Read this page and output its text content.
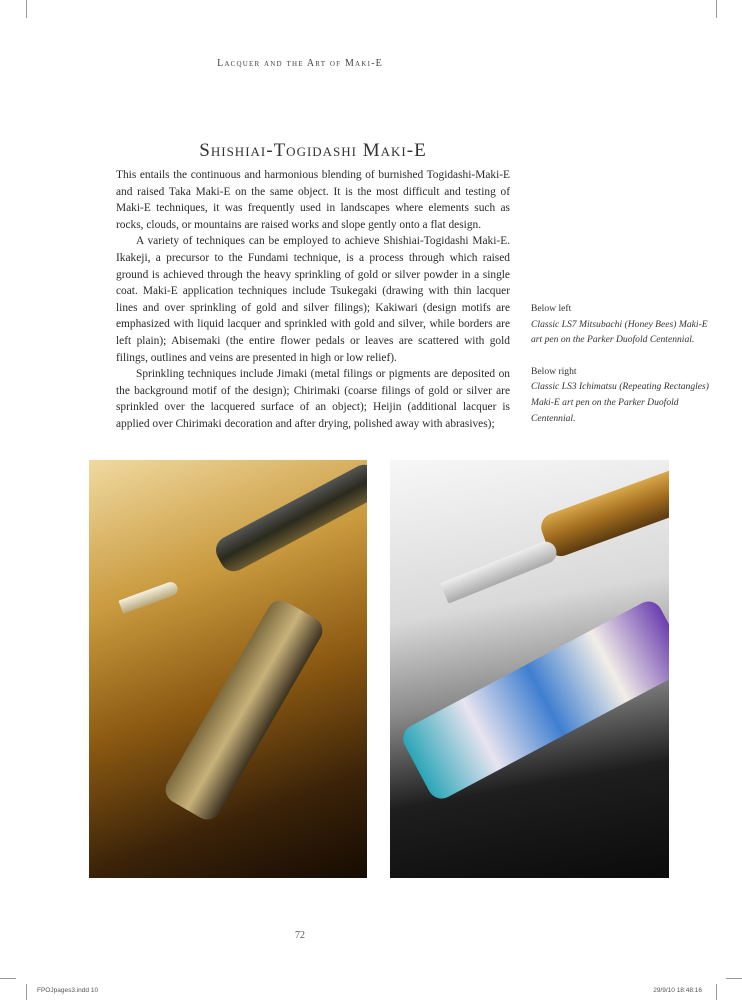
Lacquer and the Art of Maki-E
Shishiai-Togidashi Maki-E

This entails the continuous and harmonious blending of burnished Togidashi-Maki-E and raised Taka Maki-E on the same object. It is the most difficult and testing of Maki-E techniques, it was frequently used in landscapes where elements such as rocks, clouds, or mountains are raised works and slope gently onto a flat design.

A variety of techniques can be employed to achieve Shishiai-Togidashi Maki-E. Ikakeji, a precursor to the Fundami technique, is a process through which raised ground is achieved through the heavy sprinkling of gold or silver powder in a single coat. Maki-E application techniques include Tsukegaki (drawing with thin lacquer lines and over sprinkling of gold and silver filings); Kakiwari (design motifs are emphasized with liquid lacquer and sprinkled with gold and silver, while borders are left plain); Abisemaki (the entire flower pedals or leaves are scattered with gold filings, outlines and veins are presented in high or low relief).

Sprinkling techniques include Jimaki (metal filings or pigments are deposited on the background motif of the design); Chirimaki (coarse filings of gold or silver are sprinkled over the lacquered surface of an object); Heijin (additional lacquer is applied over Chirimaki decoration and after drying, polished away with abrasives);

Below left
Classic LS7 Mitsubachi (Honey Bees) Maki-E art pen on the Parker Duofold Centennial.
Below right
Classic LS3 Ichimatsu (Repeating Rectangles) Maki-E art pen on the Parker Duofold Centennial.
72
FPOJpages3.indd 10	29/9/10 18:48:16
